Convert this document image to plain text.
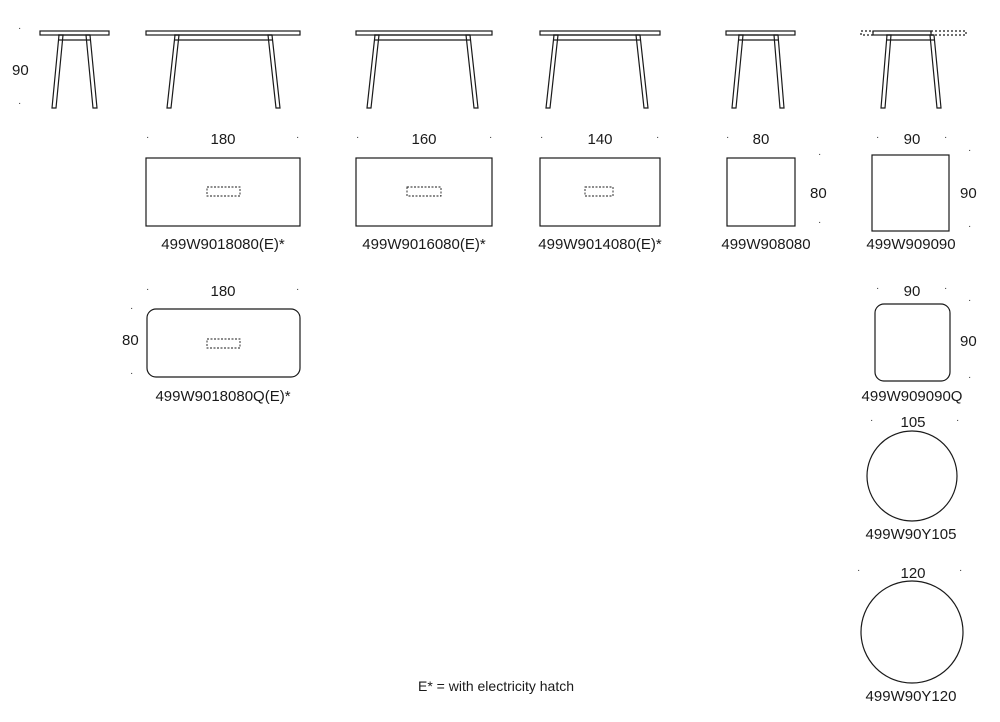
·
90
·
·	180	·
499W9018080(E)*
·	160	·
499W9016080(E)*
·	140	·
499W9014080(E)*
· 80
·
80
·
499W908080
· 90 ·
·
90
·
499W909090
·	180	·
·
80
·
499W9018080Q(E)*
· 90 ·
·
90
·
499W909090Q
· 105	·
499W90Y105
·	120	·
499W90Y120
E* = with electricity hatch
